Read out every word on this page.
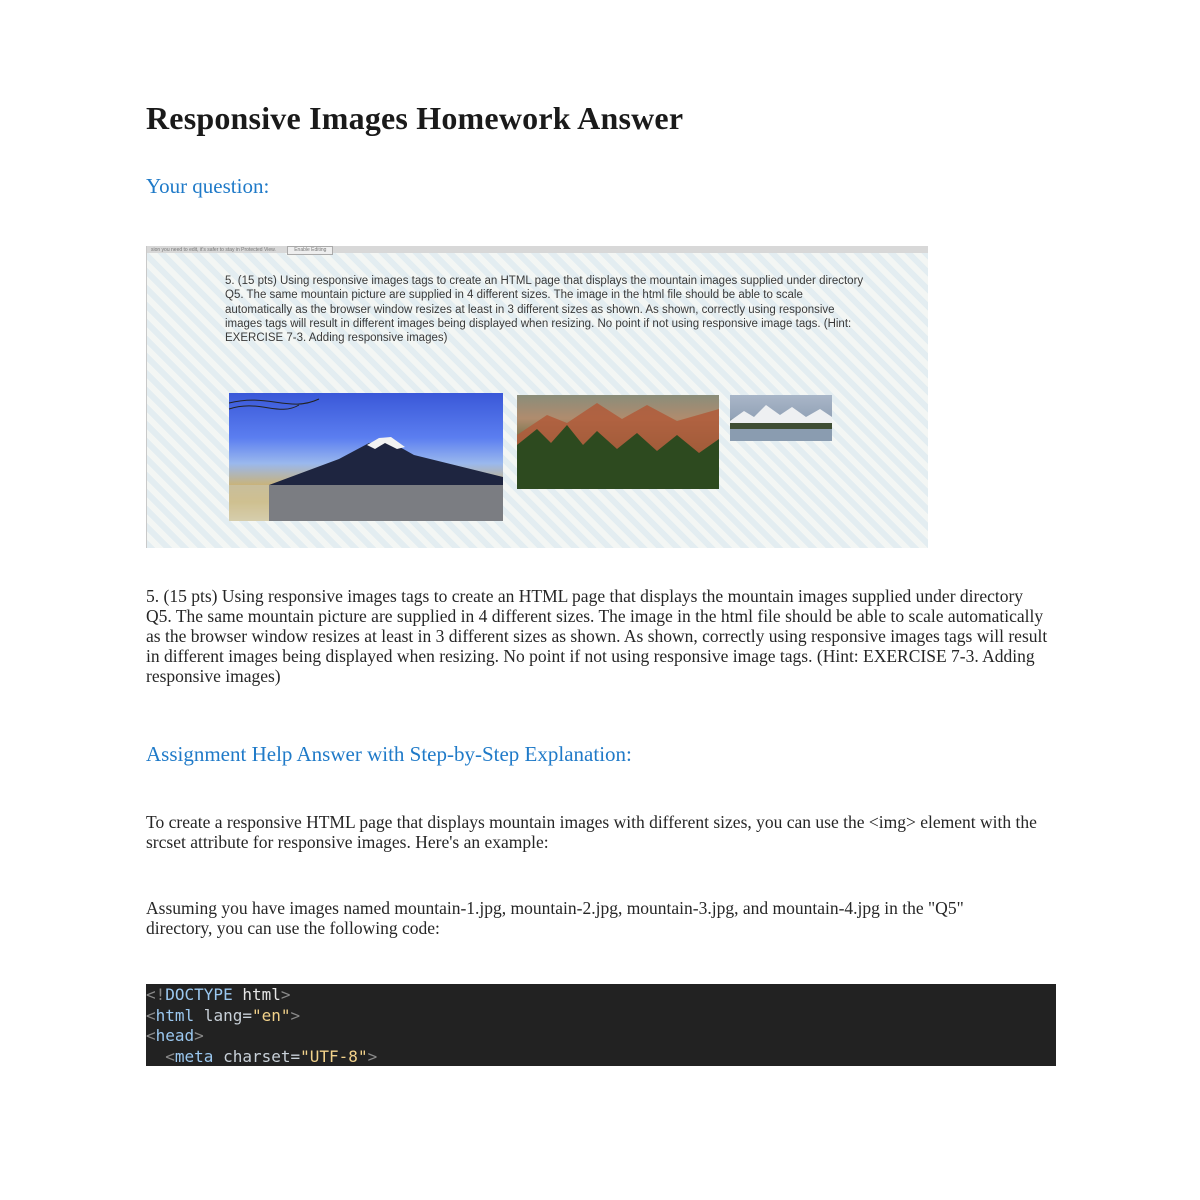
Responsive Images Homework Answer
Your question:
sion you need to edit, it's safer to stay in Protected View.	Enable Editing
5. (15 pts) Using responsive images tags to create an HTML page that displays the mountain images supplied under directory Q5. The same mountain picture are supplied in 4 different sizes. The image in the html file should be able to scale automatically as the browser window resizes at least in 3 different sizes as shown. As shown, correctly using responsive images tags will result in different images being displayed when resizing. No point if not using responsive image tags. (Hint: EXERCISE 7-3. Adding responsive images)
5. (15 pts) Using responsive images tags to create an HTML page that displays the mountain images supplied under directory Q5. The same mountain picture are supplied in 4 different sizes. The image in the html file should be able to scale automatically as the browser window resizes at least in 3 different sizes as shown. As shown, correctly using responsive images tags will result in different images being displayed when resizing. No point if not using responsive image tags. (Hint: EXERCISE 7-3. Adding responsive images)
Assignment Help Answer with Step-by-Step Explanation:
To create a responsive HTML page that displays mountain images with different sizes, you can use the <img> element with the srcset attribute for responsive images. Here's an example:
Assuming you have images named mountain-1.jpg, mountain-2.jpg, mountain-3.jpg, and mountain-4.jpg in the "Q5" directory, you can use the following code:
<!DOCTYPE html>
<html lang="en">
<head>
<meta charset="UTF-8">
